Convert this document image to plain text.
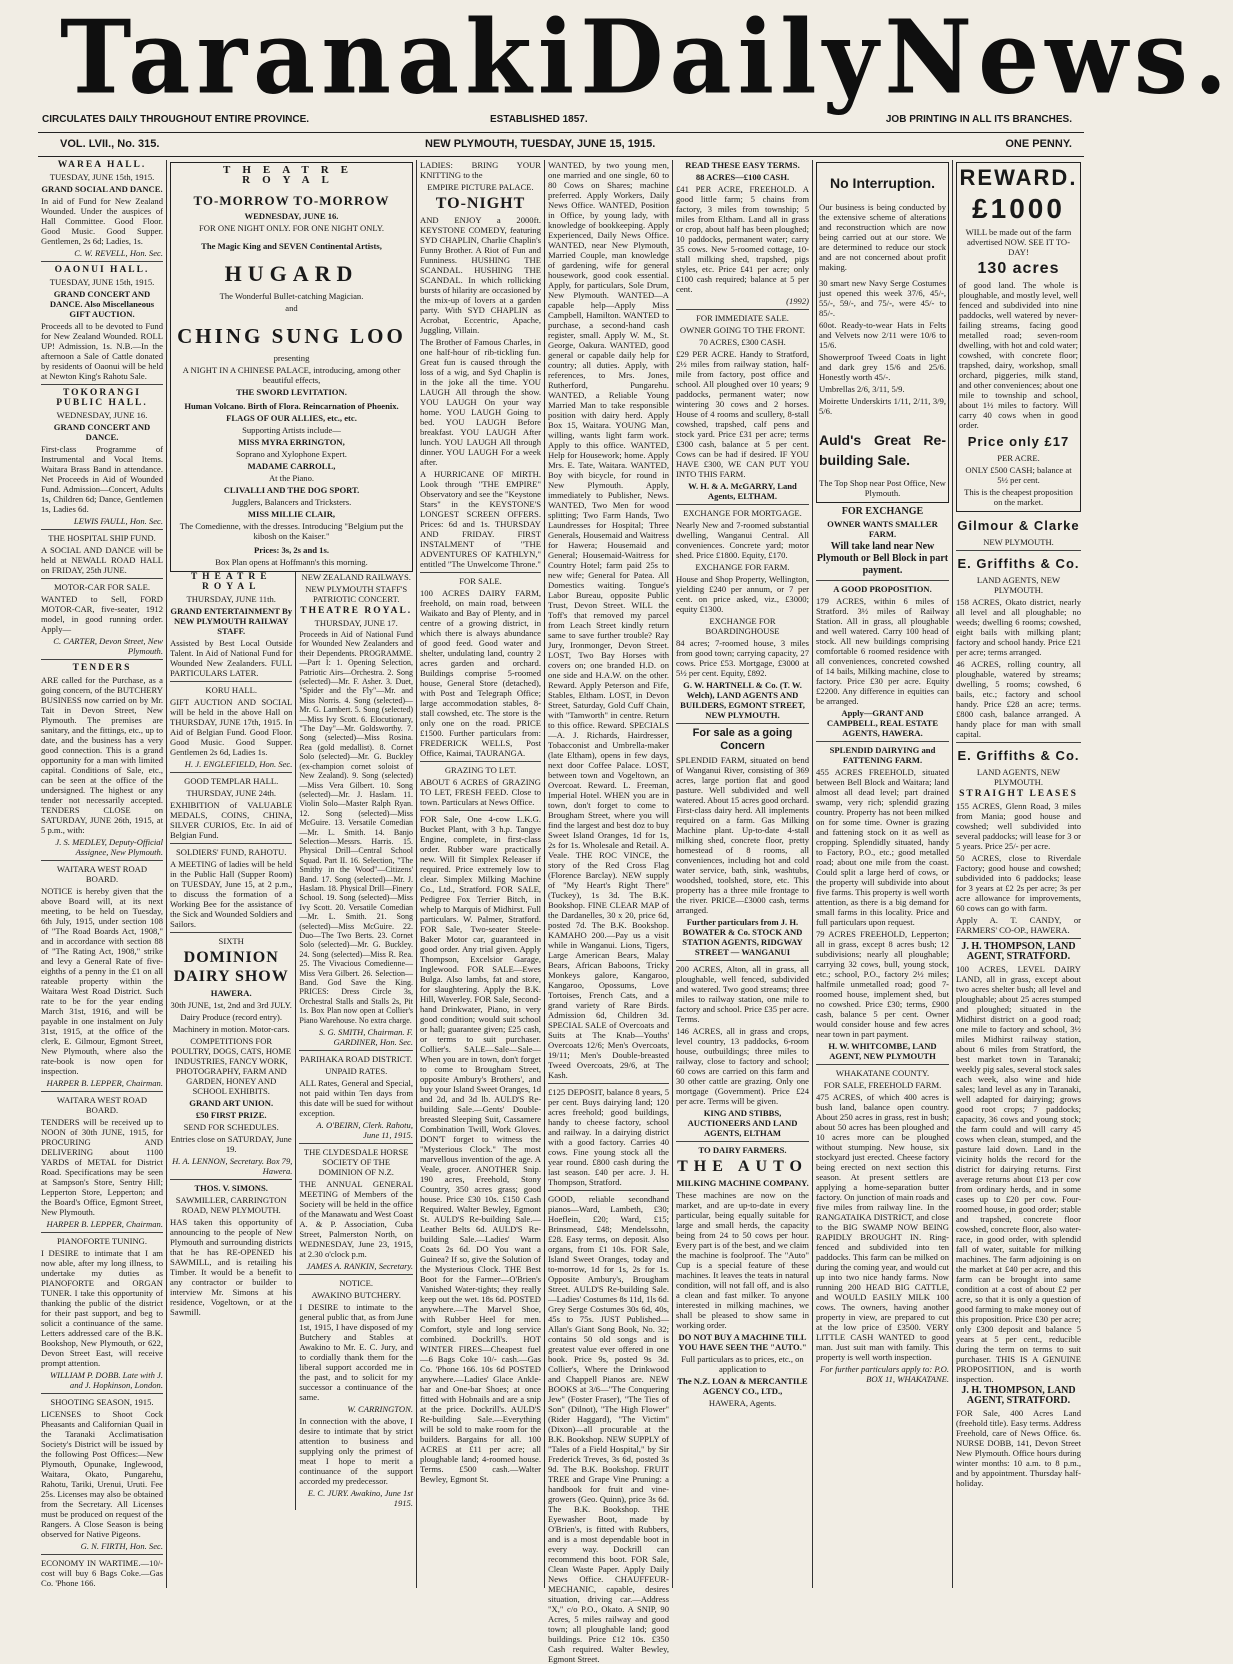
Taranaki Daily News.
CIRCULATES DAILY THROUGHOUT ENTIRE PROVINCE.	ESTABLISHED 1857.	JOB PRINTING IN ALL ITS BRANCHES.
VOL. LVII., No. 315.	NEW PLYMOUTH, TUESDAY, JUNE 15, 1915.	ONE PENNY.

WAREA HALL.

TUESDAY, JUNE 15th, 1915.

GRAND SOCIAL AND DANCE.

In aid of Fund for New Zealand Wounded. Under the auspices of Hall Committee. Good Floor. Good Music. Good Supper. Gentlemen, 2s 6d; Ladies, 1s.

C. W. REVELL, Hon. Sec.

OAONUI HALL.

TUESDAY, JUNE 15th, 1915.

GRAND CONCERT AND DANCE. Also Miscellaneous GIFT AUCTION.

Proceeds all to be devoted to Fund for New Zealand Wounded. ROLL UP! Admission, 1s. N.B.—In the afternoon a Sale of Cattle donated by residents of Oaonui will be held at Newton King's Rahotu Sale.

TOKORANGI PUBLIC HALL.

WEDNESDAY, JUNE 16.

GRAND CONCERT AND DANCE.

First-class Programme of Instrumental and Vocal Items. Waitara Brass Band in attendance. Net Proceeds in Aid of Wounded Fund. Admission—Concert, Adults 1s, Children 6d; Dance, Gentlemen 1s, Ladies 6d.

LEWIS FAULL, Hon. Sec.

THE HOSPITAL SHIP FUND.

A SOCIAL AND DANCE will be held at NEWALL ROAD HALL on FRIDAY, 25th JUNE.

MOTOR-CAR FOR SALE.

WANTED to Sell, FORD MOTOR-CAR, five-seater, 1912 model, in good running order. Apply—

C. CARTER, Devon Street, New Plymouth.

TENDERS

ARE called for the Purchase, as a going concern, of the BUTCHERY BUSINESS now carried on by Mr. Tait in Devon Street, New Plymouth. The premises are sanitary, and the fittings, etc., up to date, and the business has a very good connection. This is a grand opportunity for a man with limited capital. Conditions of Sale, etc., can be seen at the office of the undersigned. The highest or any tender not necessarily accepted. TENDERS CLOSE on SATURDAY, JUNE 26th, 1915, at 5 p.m., with:

J. S. MEDLEY, Deputy-Official Assignee, New Plymouth.

WAITARA WEST ROAD BOARD.

NOTICE is hereby given that the above Board will, at its next meeting, to be held on Tuesday, 6th July, 1915, under section 108 of "The Road Boards Act, 1908," and in accordance with section 88 of "The Rating Act, 1908," strike and levy a General Rate of five-eighths of a penny in the £1 on all rateable property within the Waitara West Road District. Such rate to be for the year ending March 31st, 1916, and will be payable in one instalment on July 31st, 1915, at the office of the clerk, E. Gilmour, Egmont Street, New Plymouth, where also the rate-book is now open for inspection.

HARPER B. LEPPER, Chairman.

WAITARA WEST ROAD BOARD.

TENDERS will be received up to NOON of 30th JUNE, 1915, for PROCURING AND DELIVERING about 1100 YARDS of METAL for District Road. Specifications may be seen at Sampson's Store, Sentry Hill; Lepperton Store, Lepperton; and the Board's Office, Egmont Street, New Plymouth.

HARPER B. LEPPER, Chairman.

PIANOFORTE TUNING.

I DESIRE to intimate that I am now able, after my long illness, to undertake my duties as PIANOFORTE and ORGAN TUNER. I take this opportunity of thanking the public of the district for their past support, and beg to solicit a continuance of the same. Letters addressed care of the B.K. Bookshop, New Plymouth, or 622, Devon Street East, will receive prompt attention.

WILLIAM P. DOBB. Late with J. and J. Hopkinson, London.

SHOOTING SEASON, 1915.

LICENSES to Shoot Cock Pheasants and Californian Quail in the Taranaki Acclimatisation Society's District will be issued by the following Post Offices:—New Plymouth, Opunake, Inglewood, Waitara, Okato, Pungarehu, Rahotu, Tariki, Urenui, Uruti. Fee 25s. Licenses may also be obtained from the Secretary. All Licenses must be produced on request of the Rangers. A Close Season is being observed for Native Pigeons.

G. N. FIRTH, Hon. Sec.

ECONOMY IN WARTIME.—10/- cost will buy 6 Bags Coke.—Gas Co. 'Phone 166.

THEATRE ROYAL

TO-MORROW TO-MORROW

WEDNESDAY, JUNE 16.

FOR ONE NIGHT ONLY. FOR ONE NIGHT ONLY.

The Magic King and SEVEN Continental Artists,

HUGARD

The Wonderful Bullet-catching Magician.

and

CHING SUNG LOO

presenting

A NIGHT IN A CHINESE PALACE, introducing, among other beautiful effects,

THE SWORD LEVITATION.

Human Volcano. Birth of Flora. Reincarnation of Phoenix.

FLAGS OF OUR ALLIES, etc., etc.

Supporting Artists include—

MISS MYRA ERRINGTON,

Soprano and Xylophone Expert.

MADAME CARROLL,

At the Piano.

CLIVALLI AND THE DOG SPORT.

Jugglers, Balancers and Tricksters.

MISS MILLIE CLAIR,

The Comedienne, with the dresses. Introducing "Belgium put the kibosh on the Kaiser."

Prices: 3s, 2s and 1s.

Box Plan opens at Hoffmann's this morning.

THEATRE ROYAL

THURSDAY, JUNE 11th.

GRAND ENTERTAINMENT By NEW PLYMOUTH RAILWAY STAFF.

Assisted by Best Local Outside Talent. In Aid of National Fund for Wounded New Zealanders. FULL PARTICULARS LATER.

KORU HALL.

GIFT AUCTION AND SOCIAL will be held in the above Hall on THURSDAY, JUNE 17th, 1915. In Aid of Belgian Fund. Good Floor. Good Music. Good Supper. Gentlemen 2s 6d, Ladies 1s.

H. J. ENGLEFIELD, Hon. Sec.

GOOD TEMPLAR HALL.

THURSDAY, JUNE 24th.

EXHIBITION of VALUABLE MEDALS, COINS, CHINA, SILVER CURIOS, Etc. In aid of Belgian Fund.

SOLDIERS' FUND, RAHOTU.

A MEETING of ladies will be held in the Public Hall (Supper Room) on TUESDAY, June 15, at 2 p.m., to discuss the formation of a Working Bee for the assistance of the Sick and Wounded Soldiers and Sailors.

SIXTH

DOMINION DAIRY SHOW

HAWERA.

30th JUNE, 1st, 2nd and 3rd JULY.

Dairy Produce (record entry).

Machinery in motion. Motor-cars.

COMPETITIONS FOR POULTRY, DOGS, CATS, HOME INDUSTRIES, FANCY WORK, PHOTOGRAPHY, FARM AND GARDEN, HONEY AND SCHOOL EXHIBITS.

GRAND ART UNION.

£50 FIRST PRIZE.

SEND FOR SCHEDULES.

Entries close on SATURDAY, June 19.

H. A. LENNON, Secretary. Box 79, Hawera.

THOS. V. SIMONS.

SAWMILLER, CARRINGTON ROAD, NEW PLYMOUTH.

HAS taken this opportunity of announcing to the people of New Plymouth and surrounding districts that he has RE-OPENED his SAWMILL, and is retailing his Timber. It would be a benefit to any contractor or builder to interview Mr. Simons at his residence, Vogeltown, or at the Sawmill.

NEW ZEALAND RAILWAYS.

NEW PLYMOUTH STAFF'S PATRIOTIC CONCERT.

THEATRE ROYAL.

THURSDAY, JUNE 17.

Proceeds in Aid of National Fund for Wounded New Zealanders and their Dependents. PROGRAMME.—Part I: 1. Opening Selection, Patriotic Airs—Orchestra. 2. Song (selected)—Mr. F. Asher. 3. Duet, "Spider and the Fly"—Mr. and Miss Norris. 4. Song (selected)—Mr. G. Lambert. 5. Song (selected)—Miss Ivy Scott. 6. Elocutionary, "The Day"—Mr. Goldsworthy. 7. Song (selected)—Miss Rosina. Rea (gold medallist). 8. Cornet Solo (selected)—Mr. G. Buckley (ex-champion cornet soloist of New Zealand). 9. Song (selected)—Miss Vera Gilbert. 10. Song (selected)—Mr. J. Haslam. 11. Violin Solo—Master Ralph Ryan. 12. Song (selected)—Miss McGuire. 13. Versatile Comedian—Mr. L. Smith. 14. Banjo Selection—Messrs. Harris. 15. Physical Drill—Central School Squad. Part II. 16. Selection, "The Smithy in the Wood"—Citizens' Band. 17. Song (selected)—Mr. J. Haslam. 18. Physical Drill—Finery School. 19. Song (selected)—Miss Ivy Scott. 20. Versatile Comedian—Mr. L. Smith. 21. Song (selected)—Miss McGuire. 22. Duo—The Two Berts. 23. Cornet Solo (selected)—Mr. G. Buckley. 24. Song (selected)—Miss R. Rea. 25. The Vivacious Comedienne—Miss Vera Gilbert. 26. Selection—Band. God Save the King. PRICES: Dress Circle 3s, Orchestral Stalls and Stalls 2s, Pit 1s. Box Plan now open at Collier's Piano Warehouse. No extra charge.

S. G. SMITH, Chairman. F. GARDINER, Hon. Sec.

PARIHAKA ROAD DISTRICT.

UNPAID RATES.

ALL Rates, General and Special, not paid within Ten days from this date will be sued for without exception.

A. O'BEIRN, Clerk. Rahotu, June 11, 1915.

THE CLYDESDALE HORSE SOCIETY OF THE DOMINION OF N.Z.

THE ANNUAL GENERAL MEETING of Members of the Society will be held in the office of the Manawatu and West Coast A. & P. Association, Cuba Street, Palmerston North, on WEDNESDAY, June 23, 1915, at 2.30 o'clock p.m.

JAMES A. RANKIN, Secretary.

NOTICE.

AWAKINO BUTCHERY.

I DESIRE to intimate to the general public that, as from June 1st, 1915, I have disposed of my Butchery and Stables at Awakino to Mr. E. C. Jury, and to cordially thank them for the liberal support accorded me in the past, and to solicit for my successor a continuance of the same.

W. CARRINGTON.

In connection with the above, I desire to intimate that by strict attention to business and supplying only the primest of meat I hope to merit a continuance of the support accorded my predecessor.

E. C. JURY. Awakino, June 1st 1915.

LADIES: BRING YOUR KNITTING to the

EMPIRE PICTURE PALACE.

TO-NIGHT

AND ENJOY a 2000ft. KEYSTONE COMEDY, featuring SYD CHAPLIN, Charlie Chaplin's Funny Brother. A Riot of Fun and Funniness. HUSHING THE SCANDAL. HUSHING THE SCANDAL. In which rollicking bursts of hilarity are occasioned by the mix-up of lovers at a garden party. With SYD CHAPLIN as Acrobat, Eccentric, Apache, Juggling, Villain.

The Brother of Famous Charles, in one half-hour of rib-tickling fun. Great fun is caused through the loss of a wig, and Syd Chaplin is in the joke all the time. YOU LAUGH All through the show. YOU LAUGH On your way home. YOU LAUGH Going to bed. YOU LAUGH Before breakfast. YOU LAUGH After lunch. YOU LAUGH All through dinner. YOU LAUGH For a week after.

A HURRICANE OF MIRTH. Look through "THE EMPIRE" Observatory and see the "Keystone Stars" in the KEYSTONE'S LONGEST SCREEN OFFERS. Prices: 6d and 1s. THURSDAY AND FRIDAY. FIRST INSTALMENT of "THE ADVENTURES OF KATHLYN," entitled "The Unwelcome Throne."

FOR SALE.

100 ACRES DAIRY FARM, freehold, on main road, between Waikato and Bay of Plenty, and in centre of a growing district, in which there is always abundance of good feed. Good water and shelter, undulating land, country 2 acres garden and orchard. Buildings comprise 5-roomed house, General Store (detached), with Post and Telegraph Office; large accommodation stables, 8-stall cowshed, etc. The store is the only one on the road. PRICE £1500. Further particulars from: FREDERICK WELLS, Post Office, Kaimai, TAURANGA.

GRAZING TO LET.

ABOUT 6 ACRES of GRAZING TO LET, FRESH FEED. Close to town. Particulars at News Office.

FOR Sale, One 4-cow L.K.G. Bucket Plant, with 3 h.p. Tangye Engine, complete, in first-class order. Rubber ware practically new. Will fit Simplex Releaser if required. Price extremely low to clear. Simplex Milking Machine Co., Ltd., Stratford. FOR SALE, Pedigree Fox Terrier Bitch, in whelp to Marquis of Midhirst. Full particulars. W. Palmer, Stratford. FOR Sale, Two-seater Steele-Baker Motor car, guaranteed in good order. Any trial given. Apply Thompson, Excelsior Garage, Inglewood. FOR SALE—Ewes Bulga. Also lambs, fat and store, for slaughtering. Apply the B.K. Hill, Waverley. FOR Sale, Second-hand Drinkwater, Piano, in very good condition; would suit school or hall; guarantee given; £25 cash, or terms to suit purchaser. Collier's. SALE—Sale—Sale—When you are in town, don't forget to come to Brougham Street, opposite Ambury's Brothers', and buy your Island Sweet Oranges, 1d and 2d, and 3d lb. AULD'S Re-building Sale.—Gents' Double-breasted Sleeping Suit, Cassamere Combination Twill, Work Gloves. DON'T forget to witness the "Mysterious Clock." The most marvellous invention of the age. A Veale, grocer. ANOTHER Snip. 190 acres, Freehold, Stony Country, 350 acres grass; good house. Price £30 10s. £150 Cash Required. Walter Bewley, Egmont St. AULD'S Re-building Sale.—Leather Belts 6d. AULD'S Re-building Sale.—Ladies' Warm Coats 2s 6d. DO You want a Guinea? If so, give the Solution of the Mysterious Clock. THE Best Boot for the Farmer—O'Brien's Vanished Water-tights; they really keep out the wet. 18s 6d. POSTED anywhere.—The Marvel Shoe, with Rubber Heel for men. Comfort, style and long service combined. Dockrill's. HOT WINTER FIRES—Cheapest fuel —6 Bags Coke 10/- cash.—Gas Co. 'Phone 166. 10s 6d POSTED anywhere.—Ladies' Glace Ankle-bar and One-bar Shoes; at once fitted with Hobnails and are a snip at the price. Dockrill's. AULD'S Re-building Sale.—Everything will be sold to make room for the builders. Bargains for all. 100 ACRES at £11 per acre; all ploughable land; 4-roomed house. Terms. £500 cash.—Walter Bewley, Egmont St.

WANTED, by two young men, one married and one single, 60 to 80 Cows on Shares; machine preferred. Apply Workers, Daily News Office. WANTED, Position in Office, by young lady, with knowledge of bookkeeping. Apply Experienced, Daily News Office. WANTED, near New Plymouth, Married Couple, man knowledge of gardening, wife for general housework, good cook essential. Apply, for particulars, Sole Drum, New Plymouth. WANTED—A capable help—Apply Miss Campbell, Hamilton. WANTED to purchase, a second-hand cash register, small. Apply W. M., St. George, Oakura. WANTED, good general or capable daily help for country; all duties. Apply, with references, to Mrs. Jones, Rutherford, Pungarehu. WANTED, a Reliable Young Married Man to take responsible position with dairy herd. Apply Box 15, Waitara. YOUNG Man, willing, wants light farm work. Apply to this office. WANTED, Help for Housework; home. Apply Mrs. E. Tate, Waitara. WANTED, Boy with bicycle, for round in New Plymouth. Apply, immediately to Publisher, News. WANTED, Two Men for wood splitting; Two Farm Hands, Two Laundresses for Hospital; Three Generals, Housemaid and Waitress for Hawera; Housemaid and General; Housemaid-Waitress for Country Hotel; farm paid 25s to new wife; General for Patea. All Domestics waiting. Tongue's Labor Bureau, opposite Public Trust, Devon Street. WILL the Toff's that removed my parcel from Leach Street kindly return same to save further trouble? Ray Jury, Ironmonger, Devon Street. LOST, Two Bay Horses with covers on; one branded H.D. on one side and H.A.W. on the other. Reward. Apply Peterson and Fife, Stables, Eltham. LOST, in Devon Street, Saturday, Gold Cuff Chain, with "Tamworth" in centre. Return to this office. Reward. SPECIALS—A. J. Richards, Hairdresser, Tobacconist and Umbrella-maker (late Eltham), opens in few days, next door Coffee Palace. LOST, between town and Vogeltown, an Overcoat. Reward. L. Freeman, Imperial Hotel. WHEN you are in town, don't forget to come to Brougham Street, where you will find the largest and best doz to buy Sweet Island Oranges, 1d for 1s, 2s for 1s. Wholesale and Retail. A. Veale. THE ROC VINCE, the story of the Red Cross Flag (Florence Barclay). NEW supply of "My Heart's Right There" (Tuckey), 1s 3d. The B.K. Bookshop. FINE CLEAR MAP of the Dardanelles, 30 x 20, price 6d, posted 7d. The B.K. Bookshop. KAMAHO 200.—Pay us a visit while in Wanganui. Lions, Tigers, Large American Bears, Malay Bears, African Baboons, Tricky Monkeys galore, Kangaroo, Kangaroo, Opossums, Love Tortoises, French Cats, and a grand variety of Rare Birds. Admission 6d, Children 3d. SPECIAL SALE of Overcoats and Suits at The Knab—Youths' Overcoats 12/6; Men's Overcoats, 19/11; Men's Double-breasted Tweed Overcoats, 29/6, at The Kash.

£125 DEPOSIT, balance 8 years, 5 per cent. Buys dairying land; 120 acres freehold; good buildings, handy to cheese factory, school and railway. In a dairying district with a good factory. Carries 40 cows. Fine young stock all the year round. £800 cash during the last season. £40 per acre. J. H. Thompson, Stratford.

GOOD, reliable secondhand pianos—Ward, Lambeth, £30; Hoeflein, £20; Ward, £15; Brinsmead, £48; Mendelssohn, £28. Easy terms, on deposit. Also organs, from £1 10s. FOR Sale, Island Sweet Oranges, today and to-morrow, 1d for 1s, 2s for 1s. Opposite Ambury's, Brougham Street. AULD'S Re-building Sale.—Ladies' Costumes 8s 11d, 1ls 6d. Grey Serge Costumes 30s 6d, 40s, 45s to 75s. JUST Published—Allan's Giant Song Book, No. 32; contains 50 old songs and is greatest value ever offered in one book. Price 9s, posted 9s 3d. Collier's, Where the Drinkwood and Chappell Pianos are. NEW BOOKS at 3/6—"The Conquering Jew" (Foster Fraser), "The Ties of Son" (Dilnot), "The High Flower" (Rider Haggard), "The Victim" (Dixon)—all procurable at the B.K. Bookshop. NEW SUPPLY of "Tales of a Field Hospital," by Sir Frederick Treves, 3s 6d, posted 3s 9d. The B.K. Bookshop. FRUIT TREE and Grape Vine Pruning: a handbook for fruit and vine-growers (Geo. Quinn), price 3s 6d. The B.K. Bookshop. THE Eyewasher Boot, made by O'Brien's, is fitted with Rubbers, and is a most dependable boot in every way. Dockrill can recommend this boot. FOR Sale, Clean Waste Paper. Apply Daily News Office. CHAUFFEUR-MECHANIC, capable, desires situation, driving car.—Address "X," c/o P.O., Okato. A SNIP, 90 Acres, 5 miles railway and good town; all ploughable land; good buildings. Price £12 10s. £350 Cash required. Walter Bewley, Egmont Street.

READ THESE EASY TERMS.

88 ACRES—£100 CASH.

£41 PER ACRE, FREEHOLD. A good little farm; 5 chains from factory, 3 miles from township; 5 miles from Eltham. Land all in grass or crop, about half has been ploughed; 10 paddocks, permanent water; carry 35 cows. New 5-roomed cottage, 10-stall milking shed, trapshed, pigs styles, etc. Price £41 per acre; only £100 cash required; balance at 5 per cent.

(1992)

FOR IMMEDIATE SALE.

OWNER GOING TO THE FRONT.

70 ACRES, £300 CASH.

£29 PER ACRE. Handy to Stratford, 2½ miles from railway station, half-mile from factory, post office and school. All ploughed over 10 years; 9 paddocks, permanent water; now wintering 30 cows and 2 horses. House of 4 rooms and scullery, 8-stall cowshed, trapshed, calf pens and stock yard. Price £31 per acre; terms £300 cash, balance at 5 per cent. Cows can be had if desired. IF YOU HAVE £300, WE CAN PUT YOU INTO THIS FARM.

W. H. & A. McGARRY, Land Agents, ELTHAM.

EXCHANGE FOR MORTGAGE.

Nearly New and 7-roomed substantial dwelling, Wanganui Central. All conveniences. Concrete yard; motor shed. Price £1800. Equity, £170.

EXCHANGE FOR FARM.

House and Shop Property, Wellington, yielding £240 per annum, or 7 per cent. on price asked, viz., £3000; equity £1300.

EXCHANGE FOR BOARDINGHOUSE

84 acres; 7-roomed house, 3 miles from good town; carrying capacity, 27 cows. Price £53. Mortgage, £3000 at 5½ per cent. Equity, £892.

G. W. HARTNELL & Co. (T. W. Welch), LAND AGENTS AND BUILDERS, EGMONT STREET, NEW PLYMOUTH.

For sale as a going Concern

SPLENDID FARM, situated on bend of Wanganui River, consisting of 369 acres, large portion flat and good pasture. Well subdivided and well watered. About 15 acres good orchard. First-class dairy herd. All implements required on a farm. Gas Milking Machine plant. Up-to-date 4-stall milking shed, concrete floor, pretty homestead of 8 rooms, all conveniences, including hot and cold water service, bath, sink, washtubs, woodshed, toolshed, store, etc. This property has a three mile frontage to the river. PRICE—£3000 cash, terms arranged.

Further particulars from J. H. BOWATER & Co. STOCK AND STATION AGENTS, RIDGWAY STREET — WANGANUI

200 ACRES, Alton, all in grass, all ploughable, well fenced, subdivided and watered. Two good streams; three miles to railway station, one mile to factory and school. Price £35 per acre. Terms.

146 ACRES, all in grass and crops, level country, 13 paddocks, 6-room house, outbuildings; three miles to railway, close to factory and school; 60 cows are carried on this farm and 30 other cattle are grazing. Only one mortgage (Government). Price £24 per acre. Terms will be given.

KING AND STIBBS, AUCTIONEERS AND LAND AGENTS, ELTHAM

TO DAIRY FARMERS.

THE AUTO

MILKING MACHINE COMPANY.

These machines are now on the market, and are up-to-date in every particular, being equally suitable for large and small herds, the capacity being from 24 to 50 cows per hour. Every part is of the best, and we claim the machine is foolproof. The "Auto" Cup is a special feature of these machines. It leaves the teats in natural condition, will not fall off, and is also a clean and fast milker. To anyone interested in milking machines, we shall be pleased to show same in working order.

DO NOT BUY A MACHINE TILL YOU HAVE SEEN THE "AUTO."

Full particulars as to prices, etc., on application to

The N.Z. LOAN & MERCANTILE AGENCY CO., LTD.,

HAWERA, Agents.

No Interruption.

Our business is being conducted by the extensive scheme of alterations and reconstruction which are now being carried out at our store. We are determined to reduce our stock and are not concerned about profit making.

30 smart new Navy Serge Costumes just opened this week 37/6, 45/-, 55/-, 59/-, and 75/-, were 45/- to 85/-.

60ot. Ready-to-wear Hats in Felts and Velvets now 2/11 were 10/6 to 15/6.

Showerproof Tweed Coats in light and dark grey 15/6 and 25/6. Honestly worth 45/-.

Umbrellas 2/6, 3/11, 5/9.

Moirette Underskirts 1/11, 2/11, 3/9, 5/6.

Auld's Great Re-building Sale.

The Top Shop near Post Office, New Plymouth.

FOR EXCHANGE

OWNER WANTS SMALLER FARM.

Will take land near New Plymouth or Bell Block in part payment.

A GOOD PROPOSITION.

179 ACRES, within 6 miles of Stratford. 3½ miles of Railway Station. All in grass, all ploughable and well watered. Carry 100 head of stock. All new buildings comprising comfortable 6 roomed residence with all conveniences, concreted cowshed of 14 bails, Milking machine, close to factory. Price £30 per acre. Equity £2200. Any difference in equities can be arranged.

Apply—GRANT AND CAMPBELL, REAL ESTATE AGENTS, HAWERA.

SPLENDID DAIRYING and FATTENING FARM.

455 ACRES FREEHOLD, situated between Bell Block and Waitara; land almost all dead level; part drained swamp, very rich; splendid grazing country. Property has not been milked on for some time. Owner is grazing and fattening stock on it as well as cropping. Splendidly situated, handy to Factory, P.O., etc.; good metalled road; about one mile from the coast. Could split a large herd of cows, or the property will subdivide into about five farms. This property is well worth attention, as there is a big demand for small farms in this locality. Price and full particulars upon request.

79 ACRES FREEHOLD, Lepperton; all in grass, except 8 acres bush; 12 subdivisions; nearly all ploughable; carrying 32 cows, bull, young stock, etc.; school, P.O., factory 2½ miles; halfmile unmetalled road; good 7-roomed house, implement shed, but no cowshed. Price £30; terms, £900 cash, balance 5 per cent. Owner would consider house and few acres near town in part payment.

H. W. WHITCOMBE, LAND AGENT, NEW PLYMOUTH

WHAKATANE COUNTY.

FOR SALE, FREEHOLD FARM.

475 ACRES, of which 400 acres is bush land, balance open country. About 250 acres in grass, rest in bush; about 50 acres has been ploughed and 10 acres more can be ploughed without stumping. New house, six stockyard just erected. Cheese factory being erected on next section this season. At present settlers are applying a home-separation butter factory. On junction of main roads and five miles from railway line. In the RANGATAIKA DISTRICT, and close to the BIG SWAMP NOW BEING RAPIDLY BROUGHT IN. Ring-fenced and subdivided into ten paddocks. This farm can be milked on during the coming year, and would cut up into two nice handy farms. Now running 200 HEAD BIG CATTLE, and WOULD EASILY MILK 100 cows. The owners, having another property in view, are prepared to cut at the low price of £3500. VERY LITTLE CASH WANTED to good man. Just suit man with family. This property is well worth inspection.

For further particulars apply to: P.O. BOX 11, WHAKATANE.

REWARD.

£1000

WILL be made out of the farm advertised NOW. SEE IT TO-DAY!

130 acres

of good land. The whole is ploughable, and mostly level, well fenced and subdivided into nine paddocks, well watered by never-failing streams, facing good metalled road; seven-room dwelling, with hot and cold water; cowshed, with concrete floor; trapshed, dairy, workshop, small orchard, piggeries, milk stand, and other conveniences; about one mile to township and school, about 1½ miles to factory. Will carry 40 cows when in good order.

Price only £17

PER ACRE.

ONLY £500 CASH; balance at 5½ per cent.

This is the cheapest proposition on the market.

Gilmour & Clarke

NEW PLYMOUTH.

E. Griffiths & Co.

LAND AGENTS, NEW PLYMOUTH.

158 ACRES, Okato district, nearly all level and all ploughable; no weeds; dwelling 6 rooms; cowshed, eight bails with milking plant; factory and school handy. Price £21 per acre; terms arranged.

46 ACRES, rolling country, all ploughable, watered by streams; dwelling, 5 rooms; cowshed, 6 bails, etc.; factory and school handy. Price £28 an acre; terms. £800 cash, balance arranged. A handy place for man with small capital.

E. Griffiths & Co.

LAND AGENTS, NEW PLYMOUTH.

STRAIGHT LEASES

155 ACRES, Glenn Road, 3 miles from Mania; good house and cowshed; well subdivided into several paddocks; will lease for 3 or 5 years. Price 25/- per acre.

50 ACRES, close to Riverdale Factory; good house and cowshed; subdivided into 6 paddocks; lease for 3 years at £2 2s per acre; 3s per acre allowance for improvements, 60 cows can go with farm.

Apply A. T. CANDY, or FARMERS' CO-OP., HAWERA.

J. H. THOMPSON, LAND AGENT, STRATFORD.

100 ACRES, LEVEL DAIRY LAND, all in grass, except about two acres shelter bush; all level and ploughable; about 25 acres stumped and ploughed; situated in the Midhirst district on a good road; one mile to factory and school, 3½ miles Midhirst railway station, about 6 miles from Stratford, the best market town in Taranaki; weekly pig sales, several stock sales each week, also wine and hide sales; land level as any in Taranaki, well adapted for dairying; grows good root crops; 7 paddocks; capacity, 36 cows and young stock; the farm could and will carry 45 cows when clean, stumped, and the pasture laid down. Land in the vicinity holds the record for the district for dairying returns. First average returns about £13 per cow from ordinary herds, and in some cases up to £20 per cow. Four-roomed house, in good order; stable and trapshed, concrete floor cowshed, concrete floor, also water-race, in good order, with splendid fall of water, suitable for milking machines. The farm adjoining is on the market at £40 per acre, and this farm can be brought into same condition at a cost of about £2 per acre, so that it is only a question of good farming to make money out of this proposition. Price £30 per acre; only £300 deposit and balance 5 years at 5 per cent., reducible during the term on terms to suit purchaser. THIS IS A GENUINE PROPOSITION, and is worth inspection.

J. H. THOMPSON, LAND AGENT, STRATFORD.

FOR Sale, 400 Acres Land (freehold title). Easy terms. Address Freehold, care of News Office. 6s. NURSE DOBB, 141, Devon Street New Plymouth. Office hours during winter months: 10 a.m. to 8 p.m., and by appointment. Thursday half-holiday.
